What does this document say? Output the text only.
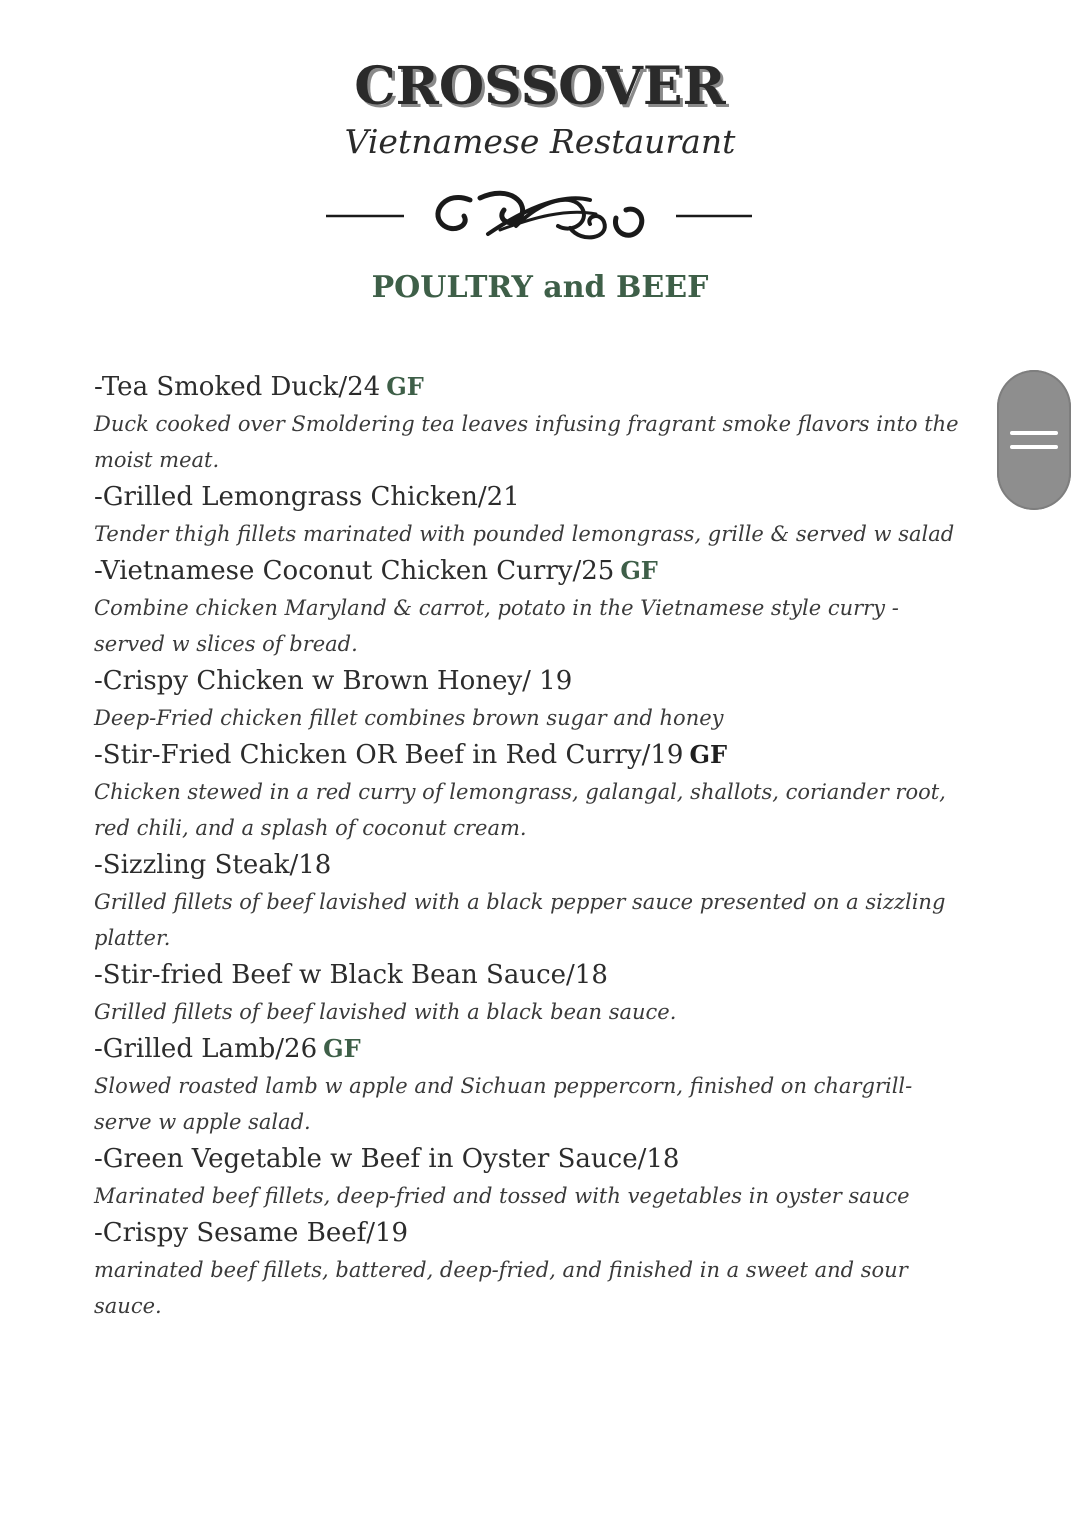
CROSSOVER
Vietnamese Restaurant
POULTRY and BEEF
-Tea Smoked Duck/24 GF
Duck cooked over Smoldering tea leaves infusing fragrant smoke flavors into the moist meat.
-Grilled Lemongrass Chicken/21
Tender thigh fillets marinated with pounded lemongrass, grille & served w salad
-Vietnamese Coconut Chicken Curry/25 GF
Combine chicken Maryland & carrot, potato in the Vietnamese style curry - served w slices of bread.
-Crispy Chicken w Brown Honey/ 19
Deep-Fried chicken fillet combines brown sugar and honey
-Stir-Fried Chicken OR Beef in Red Curry/19 GF
Chicken stewed in a red curry of lemongrass, galangal, shallots, coriander root, red chili, and a splash of coconut cream.
-Sizzling Steak/18
Grilled fillets of beef lavished with a black pepper sauce presented on a sizzling platter.
-Stir-fried Beef w Black Bean Sauce/18
Grilled fillets of beef lavished with a black bean sauce.
-Grilled Lamb/26 GF
Slowed roasted lamb w apple and Sichuan peppercorn, finished on chargrill- serve w apple salad.
-Green Vegetable w Beef in Oyster Sauce/18
Marinated beef fillets, deep-fried and tossed with vegetables in oyster sauce
-Crispy Sesame Beef/19
marinated beef fillets, battered, deep-fried, and finished in a sweet and sour sauce.
